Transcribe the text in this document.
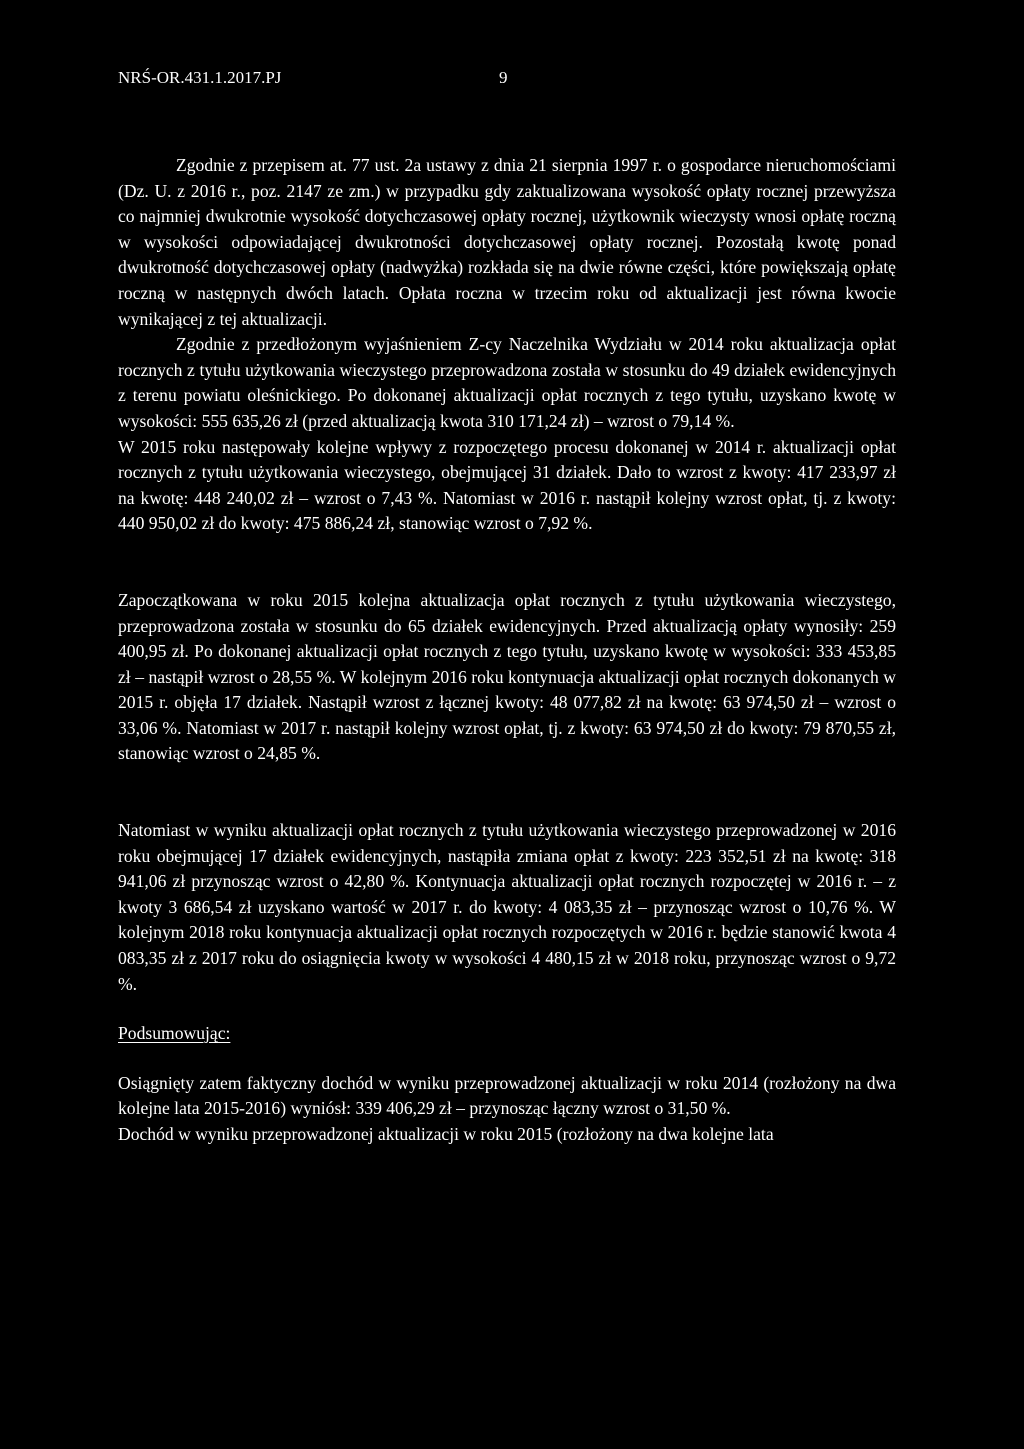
NRŚ-OR.431.1.2017.PJ	9

Zgodnie z przepisem at. 77 ust. 2a ustawy z dnia 21 sierpnia 1997 r. o gospodarce nieruchomościami (Dz. U. z 2016 r., poz. 2147 ze zm.) w przypadku gdy zaktualizowana wysokość opłaty rocznej przewyższa co najmniej dwukrotnie wysokość dotychczasowej opłaty rocznej, użytkownik wieczysty wnosi opłatę roczną w wysokości odpowiadającej dwukrotności dotychczasowej opłaty rocznej. Pozostałą kwotę ponad dwukrotność dotychczasowej opłaty (nadwyżka) rozkłada się na dwie równe części, które powiększają opłatę roczną w następnych dwóch latach. Opłata roczna w trzecim roku od aktualizacji jest równa kwocie wynikającej z tej aktualizacji.

Zgodnie z przedłożonym wyjaśnieniem Z-cy Naczelnika Wydziału w 2014 roku aktualizacja opłat rocznych z tytułu użytkowania wieczystego przeprowadzona została w stosunku do 49 działek ewidencyjnych z terenu powiatu oleśnickiego. Po dokonanej aktualizacji opłat rocznych z tego tytułu, uzyskano kwotę w wysokości: 555 635,26 zł (przed aktualizacją kwota 310 171,24 zł) – wzrost o 79,14 %.

W 2015 roku następowały kolejne wpływy z rozpoczętego procesu dokonanej w 2014 r. aktualizacji opłat rocznych z tytułu użytkowania wieczystego, obejmującej 31 działek. Dało to wzrost z kwoty: 417 233,97 zł na kwotę: 448 240,02 zł – wzrost o 7,43 %. Natomiast w 2016 r. nastąpił kolejny wzrost opłat, tj. z kwoty: 440 950,02 zł do kwoty: 475 886,24 zł, stanowiąc wzrost o 7,92 %.

Zapoczątkowana w roku 2015 kolejna aktualizacja opłat rocznych z tytułu użytkowania wieczystego, przeprowadzona została w stosunku do 65 działek ewidencyjnych. Przed aktualizacją opłaty wynosiły: 259 400,95 zł. Po dokonanej aktualizacji opłat rocznych z tego tytułu, uzyskano kwotę w wysokości: 333 453,85 zł – nastąpił wzrost o 28,55 %. W kolejnym 2016 roku kontynuacja aktualizacji opłat rocznych dokonanych w 2015 r. objęła 17 działek. Nastąpił wzrost z łącznej kwoty: 48 077,82 zł na kwotę: 63 974,50 zł – wzrost o 33,06 %. Natomiast w 2017 r. nastąpił kolejny wzrost opłat, tj. z kwoty: 63 974,50 zł do kwoty: 79 870,55 zł, stanowiąc wzrost o 24,85 %.

Natomiast w wyniku aktualizacji opłat rocznych z tytułu użytkowania wieczystego przeprowadzonej w 2016 roku obejmującej 17 działek ewidencyjnych, nastąpiła zmiana opłat z kwoty: 223 352,51 zł na kwotę: 318 941,06 zł przynosząc wzrost o 42,80 %. Kontynuacja aktualizacji opłat rocznych rozpoczętej w 2016 r. – z kwoty 3 686,54 zł uzyskano wartość w 2017 r. do kwoty: 4 083,35 zł – przynosząc wzrost o 10,76 %. W kolejnym 2018 roku kontynuacja aktualizacji opłat rocznych rozpoczętych w 2016 r. będzie stanowić kwota 4 083,35 zł z 2017 roku do osiągnięcia kwoty w wysokości 4 480,15 zł w 2018 roku, przynosząc wzrost o 9,72 %.

Podsumowując:

Osiągnięty zatem faktyczny dochód w wyniku przeprowadzonej aktualizacji w roku 2014 (rozłożony na dwa kolejne lata 2015-2016) wyniósł: 339 406,29 zł – przynosząc łączny wzrost o 31,50 %.

Dochód w wyniku przeprowadzonej aktualizacji w roku 2015 (rozłożony na dwa kolejne lata
